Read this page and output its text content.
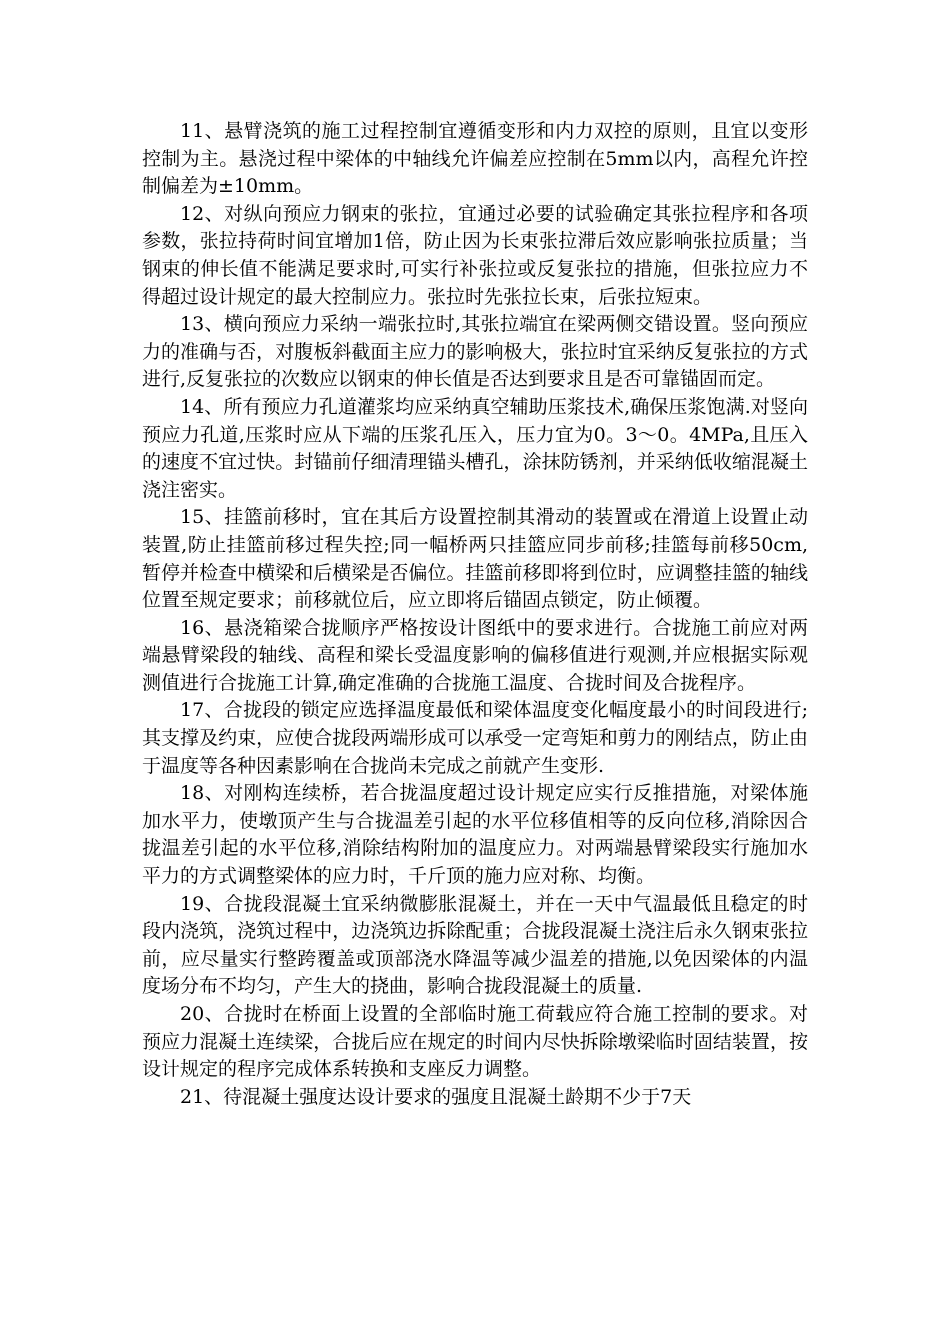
11、悬臂浇筑的施工过程控制宜遵循变形和内力双控的原则，且宜以变形控制为主。悬浇过程中梁体的中轴线允许偏差应控制在5mm以内，高程允许控制偏差为±10mm。

12、对纵向预应力钢束的张拉，宜通过必要的试验确定其张拉程序和各项参数，张拉持荷时间宜增加1倍，防止因为长束张拉滞后效应影响张拉质量；当钢束的伸长值不能满足要求时,可实行补张拉或反复张拉的措施，但张拉应力不得超过设计规定的最大控制应力。张拉时先张拉长束，后张拉短束。

13、横向预应力采纳一端张拉时,其张拉端宜在梁两侧交错设置。竖向预应力的准确与否，对腹板斜截面主应力的影响极大，张拉时宜采纳反复张拉的方式进行,反复张拉的次数应以钢束的伸长值是否达到要求且是否可靠锚固而定。

14、所有预应力孔道灌浆均应采纳真空辅助压浆技术,确保压浆饱满.对竖向预应力孔道,压浆时应从下端的压浆孔压入，压力宜为0。3～0。4MPa,且压入的速度不宜过快。封锚前仔细清理锚头槽孔，涂抹防锈剂，并采纳低收缩混凝土浇注密实。

15、挂篮前移时，宜在其后方设置控制其滑动的装置或在滑道上设置止动装置,防止挂篮前移过程失控;同一幅桥两只挂篮应同步前移;挂篮每前移50cm,暂停并检查中横梁和后横梁是否偏位。挂篮前移即将到位时，应调整挂篮的轴线位置至规定要求；前移就位后，应立即将后锚固点锁定，防止倾覆。

16、悬浇箱梁合拢顺序严格按设计图纸中的要求进行。合拢施工前应对两端悬臂梁段的轴线、高程和梁长受温度影响的偏移值进行观测,并应根据实际观测值进行合拢施工计算,确定准确的合拢施工温度、合拢时间及合拢程序。

17、合拢段的锁定应选择温度最低和梁体温度变化幅度最小的时间段进行;其支撑及约束，应使合拢段两端形成可以承受一定弯矩和剪力的刚结点，防止由于温度等各种因素影响在合拢尚未完成之前就产生变形.

18、对刚构连续桥，若合拢温度超过设计规定应实行反推措施，对梁体施加水平力，使墩顶产生与合拢温差引起的水平位移值相等的反向位移,消除因合拢温差引起的水平位移,消除结构附加的温度应力。对两端悬臂梁段实行施加水平力的方式调整梁体的应力时，千斤顶的施力应对称、均衡。

19、合拢段混凝土宜采纳微膨胀混凝土，并在一天中气温最低且稳定的时段内浇筑，浇筑过程中，边浇筑边拆除配重；合拢段混凝土浇注后永久钢束张拉前，应尽量实行整跨覆盖或顶部浇水降温等减少温差的措施,以免因梁体的内温度场分布不均匀，产生大的挠曲，影响合拢段混凝土的质量.

20、合拢时在桥面上设置的全部临时施工荷载应符合施工控制的要求。对预应力混凝土连续梁，合拢后应在规定的时间内尽快拆除墩梁临时固结装置，按设计规定的程序完成体系转换和支座反力调整。

21、待混凝土强度达设计要求的强度且混凝土龄期不少于7天
